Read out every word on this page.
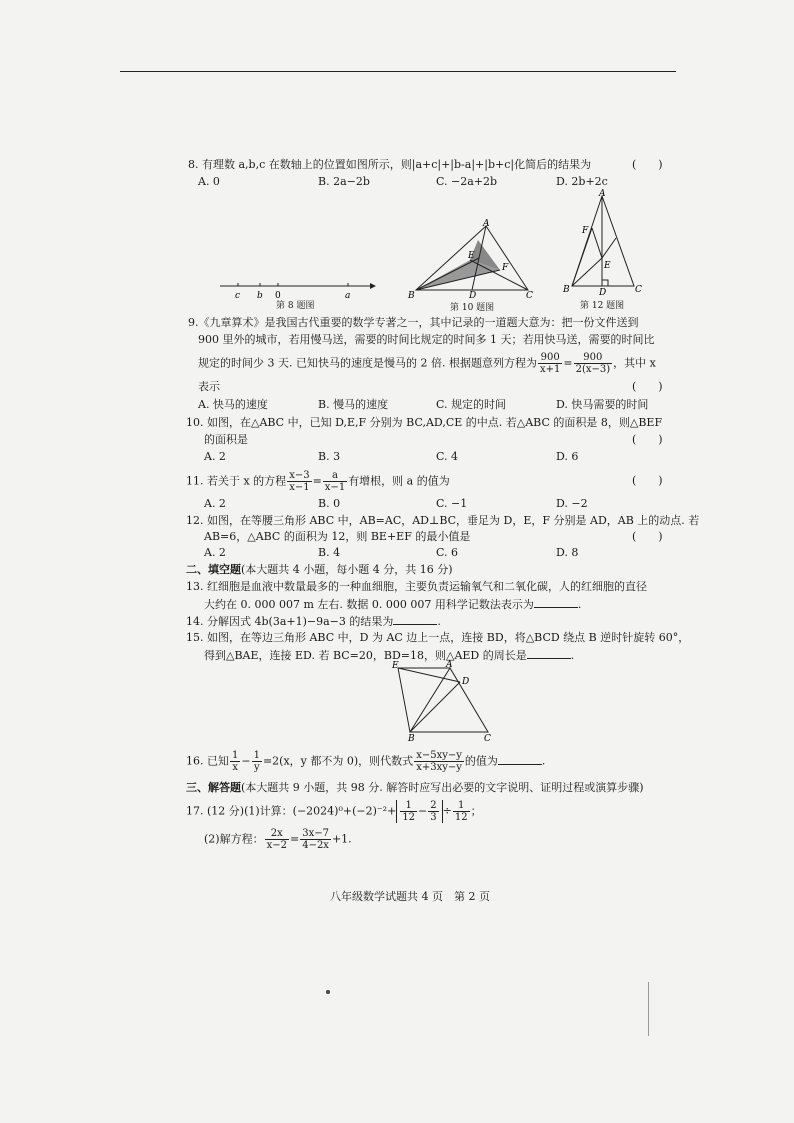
8. 有理数 a,b,c 在数轴上的位置如图所示，则|a+c|+|b-a|+|b+c|化简后的结果为	(　　)
A. 0	B. 2a−2b	C. −2a+2b	D. 2b+2c
c b 0	a
第 8 题图
A
E
F
B	D	C
第 10 题图
A
F
E
B	D	C
第 12 题图
9.《九章算术》是我国古代重要的数学专著之一，其中记录的一道题大意为：把一份文件送到
900 里外的城市，若用慢马送，需要的时间比规定的时间多 1 天；若用快马送，需要的时间比
规定的时间少 3 天. 已知快马的速度是慢马的 2 倍. 根据题意列方程为 $\frac{900}{x+1} = \frac{900}{2(x-3)}$ ，其中 x
表示	(　　)
A. 快马的速度	B. 慢马的速度	C. 规定的时间	D. 快马需要的时间
10. 如图，在△ABC 中，已知 D,E,F 分别为 BC,AD,CE 的中点. 若△ABC 的面积是 8，则△BEF
的面积是	(　　)
A. 2	B. 3	C. 4	D. 6
11. 若关于 x 的方程 $\frac{x-3}{x-1} = \frac{a}{x-1}$ 有增根，则 a 的值为	(　　)
A. 2	B. 0	C. −1	D. −2
12. 如图，在等腰三角形 ABC 中，AB=AC，AD⊥BC，垂足为 D，E，F 分别是 AD，AB 上的动点. 若
AB=6，△ABC 的面积为 12，则 BE+EF 的最小值是	(　　)
A. 2	B. 4	C. 6	D. 8
二、填空题(本大题共 4 小题，每小题 4 分，共 16 分)
13. 红细胞是血液中数量最多的一种血细胞，主要负责运输氧气和二氧化碳，人的红细胞的直径
大约在 0. 000 007 m 左右. 数据 0. 000 007 用科学记数法表示为	.
14. 分解因式 4b(3a+1)−9a−3 的结果为	.
15. 如图，在等边三角形 ABC 中，D 为 AC 边上一点，连接 BD，将△BCD 绕点 B 逆时针旋转 60°，
得到△BAE，连接 ED. 若 BC=20，BD=18，则△AED 的周长是	.
E	A
D
B	C
16. 已知 $\frac{1}{x} - \frac{1}{y} =2(x$，y 都不为 0)，则代数式 $\frac{x-5xy-y}{x+3xy-y}$ 的值为	.
三、解答题(本大题共 9 小题，共 98 分. 解答时应写出必要的文字说明、证明过程或演算步骤)
17. (12 分)(1)计算：$(-2024)^0+(-2)^{-2}+ \frac{1}{12} - \frac{2}{3} \div \frac{1}{12}$ ；
(2)解方程： $\frac{2x}{x-2} = \frac{3x-7}{4-2x} +1$.
八年级数学试题共 4 页　第 2 页
